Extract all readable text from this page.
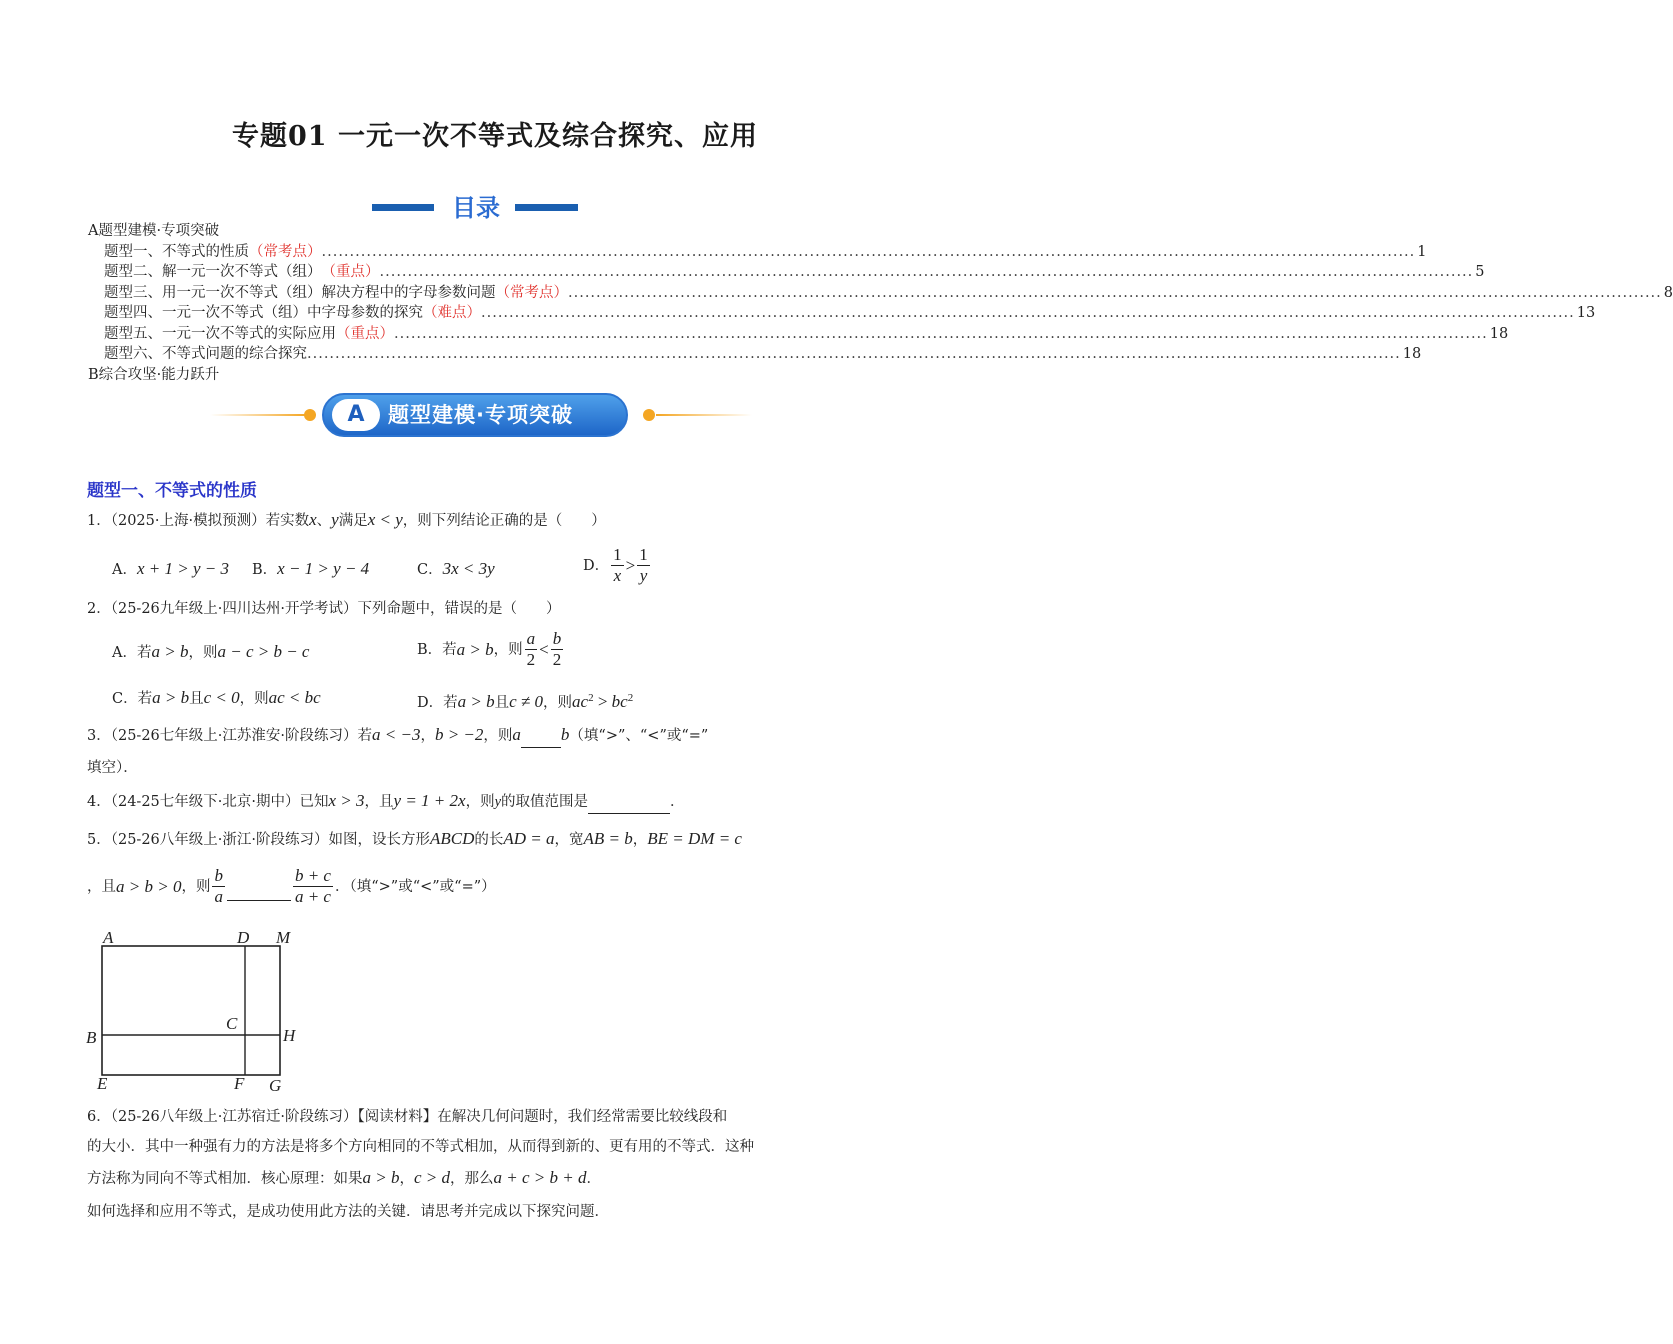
专题01 一元一次不等式及综合探究、应用
目录
A题型建模·专项突破
题型一、不等式的性质 （常考点） ................................................................................................................................................................................................... 1
题型二、解一元一次不等式（组） （重点） ................................................................................................................................................................................................... 5
题型三、用一元一次不等式（组）解决方程中的字母参数问题 （常考点） ................................................................................................................................................................................................... 8
题型四、一元一次不等式（组）中字母参数的探究 （难点） ................................................................................................................................................................................................... 13
题型五、一元一次不等式的实际应用 （重点） ................................................................................................................................................................................................... 18
题型六、不等式问题的综合探究 ................................................................................................................................................................................................... 18
B综合攻坚·能力跃升
A	题型建模·专项突破
题型一、不等式的性质
1．（2025·上海·模拟预测）若实数x、y满足x < y，则下列结论正确的是（　　）
A．x + 1 > y − 3 B．x − 1 > y − 4	C．3x < 3y	D． $\frac{1}{x} > \frac{1}{y}$
2．（25-26九年级上·四川达州·开学考试）下列命题中，错误的是（　　）
A．若a > b，则a − c > b − c	B．若 a > b ，则 $\frac{a}{2} < \frac{b}{2}$
C．若a > b且c < 0，则ac < bc	D．若a > b且c ≠ 0，则$ac^2 > bc^2$
3．（25-26七年级上·江苏淮安·阶段练习）若a < −3，b > −2，则a b（填“>”、“<”或“=”
填空）．
4．（24-25七年级下·北京·期中）已知x > 3，且y = 1 + 2x，则y的取值范围是	．
5．（25-26八年级上·浙江·阶段练习）如图，设长方形ABCD的长AD = a，宽AB = b，BE = DM = c
，且 a > b > 0 ，则 $\frac{b}{a}$
	$\frac{b + c}{a + c}$ ．（填“>”或“<”或“=”）
A	D M
B
C
H
E	F G
6．（25-26八年级上·江苏宿迁·阶段练习）【阅读材料】在解决几何问题时，我们经常需要比较线段和
的大小．其中一种强有力的方法是将多个方向相同的不等式相加，从而得到新的、更有用的不等式．这种
方法称为同向不等式相加．核心原理：如果a > b，c > d，那么a + c > b + d．
如何选择和应用不等式，是成功使用此方法的关键．请思考并完成以下探究问题．
